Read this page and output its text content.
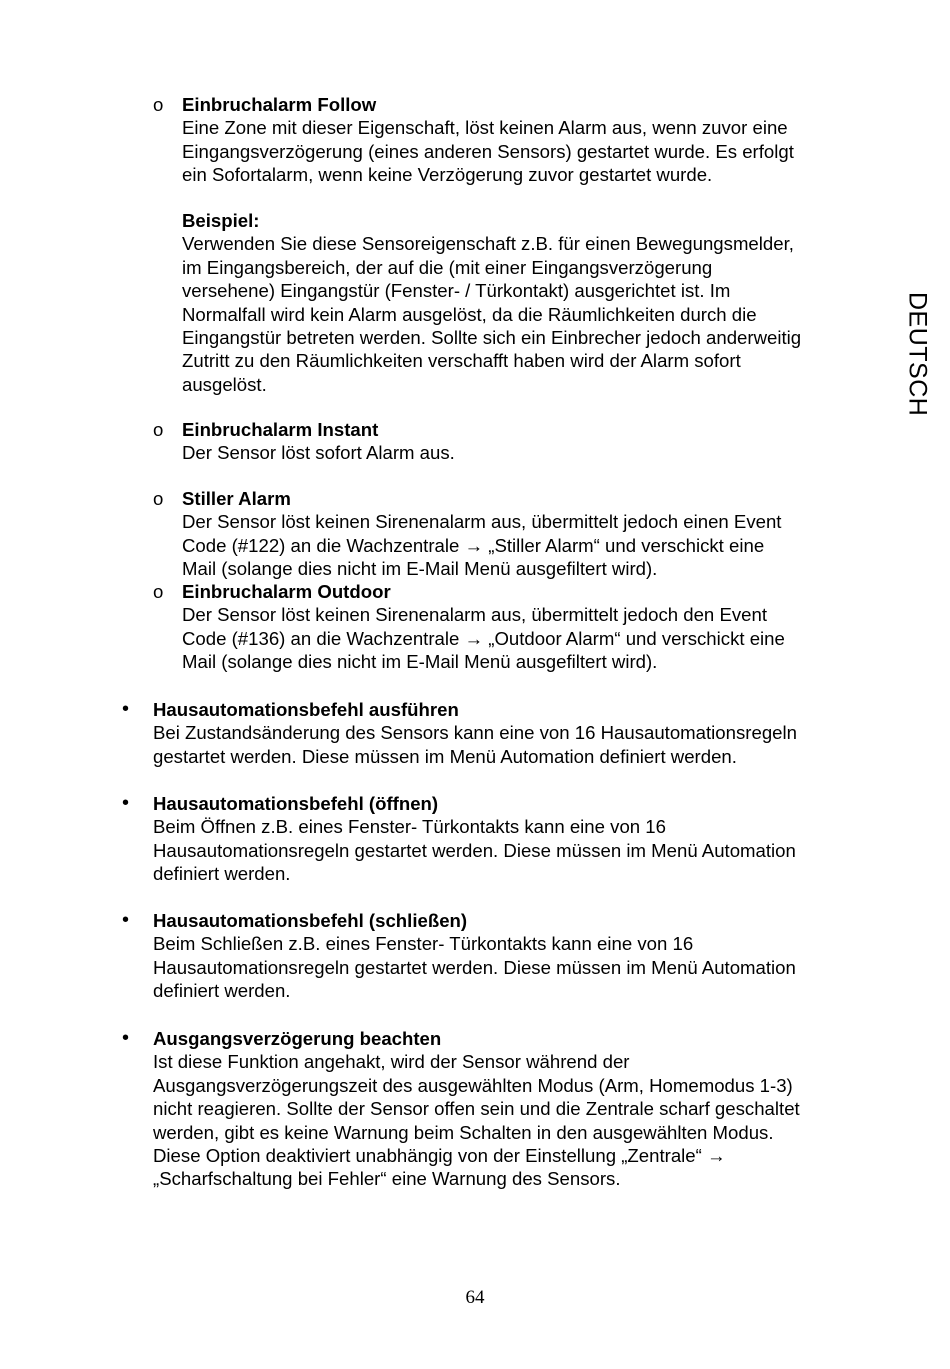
o Einbruchalarm Follow
Eine Zone mit dieser Eigenschaft, löst keinen Alarm aus, wenn zuvor eine
Eingangsverzögerung (eines anderen Sensors) gestartet wurde. Es erfolgt
ein Sofortalarm, wenn keine Verzögerung zuvor gestartet wurde.
Beispiel:
Verwenden Sie diese Sensoreigenschaft z.B. für einen Bewegungsmelder,
im Eingangsbereich, der auf die (mit einer Eingangsverzögerung
versehene) Eingangstür (Fenster- / Türkontakt) ausgerichtet ist. Im
Normalfall wird kein Alarm ausgelöst, da die Räumlichkeiten durch die
Eingangstür betreten werden. Sollte sich ein Einbrecher jedoch anderweitig
Zutritt zu den Räumlichkeiten verschafft haben wird der Alarm sofort
ausgelöst.
o Einbruchalarm Instant
Der Sensor löst sofort Alarm aus.
o Stiller Alarm
Der Sensor löst keinen Sirenenalarm aus, übermittelt jedoch einen Event
Code (#122) an die Wachzentrale → „Stiller Alarm“ und verschickt eine
Mail (solange dies nicht im E-Mail Menü ausgefiltert wird).
o Einbruchalarm Outdoor
Der Sensor löst keinen Sirenenalarm aus, übermittelt jedoch den Event
Code (#136) an die Wachzentrale → „Outdoor Alarm“ und verschickt eine
Mail (solange dies nicht im E-Mail Menü ausgefiltert wird).
• Hausautomationsbefehl ausführen
Bei Zustandsänderung des Sensors kann eine von 16 Hausautomationsregeln
gestartet werden. Diese müssen im Menü Automation definiert werden.
• Hausautomationsbefehl (öffnen)
Beim Öffnen z.B. eines Fenster- Türkontakts kann eine von 16
Hausautomationsregeln gestartet werden. Diese müssen im Menü Automation
definiert werden.
• Hausautomationsbefehl (schließen)
Beim Schließen z.B. eines Fenster- Türkontakts kann eine von 16
Hausautomationsregeln gestartet werden. Diese müssen im Menü Automation
definiert werden.
• Ausgangsverzögerung beachten
Ist diese Funktion angehakt, wird der Sensor während der
Ausgangsverzögerungszeit des ausgewählten Modus (Arm, Homemodus 1-3)
nicht reagieren. Sollte der Sensor offen sein und die Zentrale scharf geschaltet
werden, gibt es keine Warnung beim Schalten in den ausgewählten Modus.
Diese Option deaktiviert unabhängig von der Einstellung „Zentrale“ →
„Scharfschaltung bei Fehler“ eine Warnung des Sensors.
DEUTSCH
64
